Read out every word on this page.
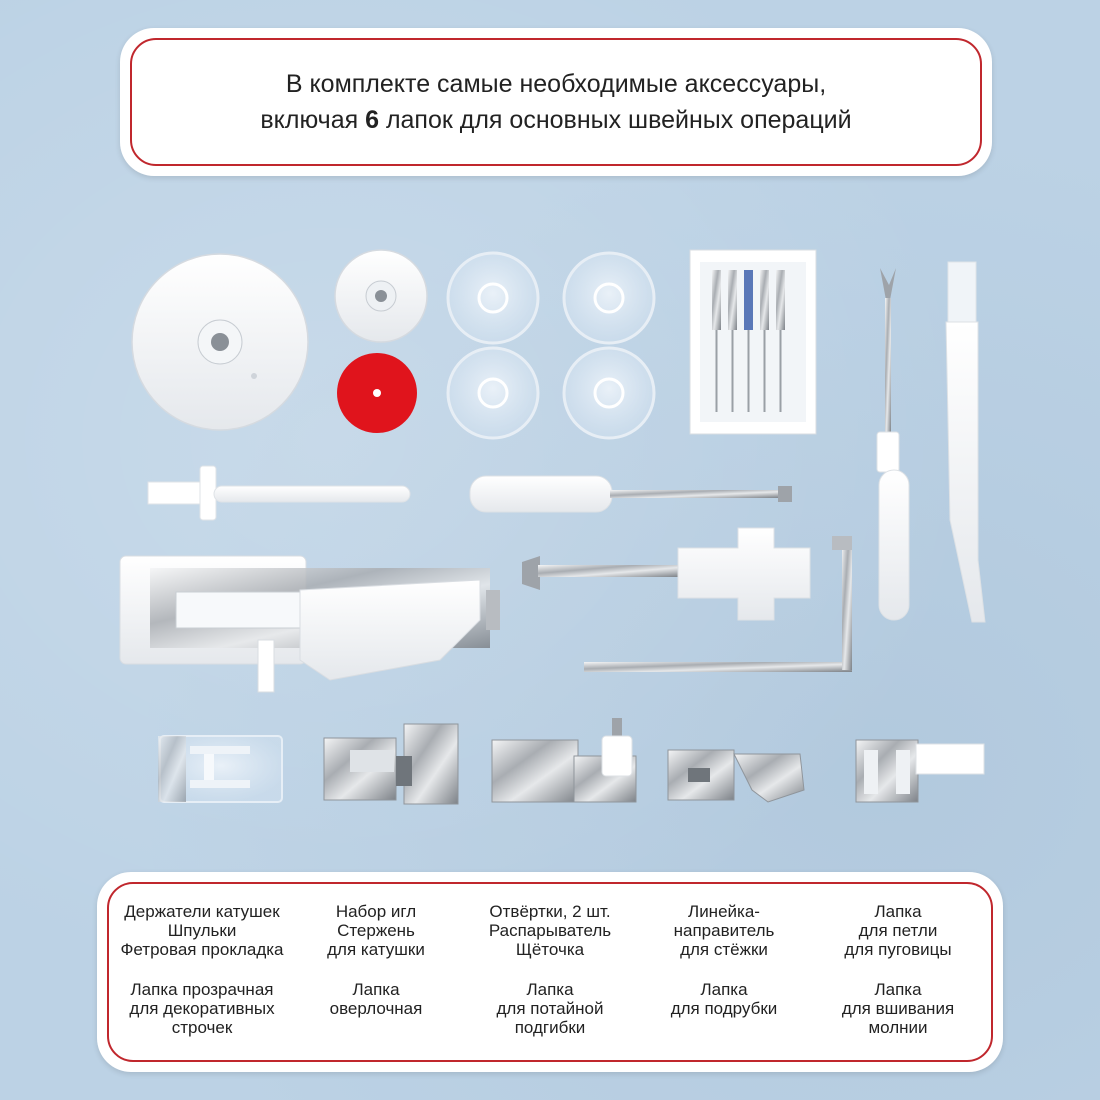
В комплекте самые необходимые аксессуары,
включая 6 лапок для основных швейных операций
Держатели катушек
Шпульки
Фетровая прокладка
Набор игл
Стержень
для катушки
Отвёртки, 2 шт.
Распарыватель
Щёточка
Линейка-
направитель
для стёжки
Лапка
для петли
для пуговицы
Лапка прозрачная
для декоративных
строчек
Лапка
оверлочная
Лапка
для потайной
подгибки
Лапка
для подрубки
Лапка
для вшивания
молнии
